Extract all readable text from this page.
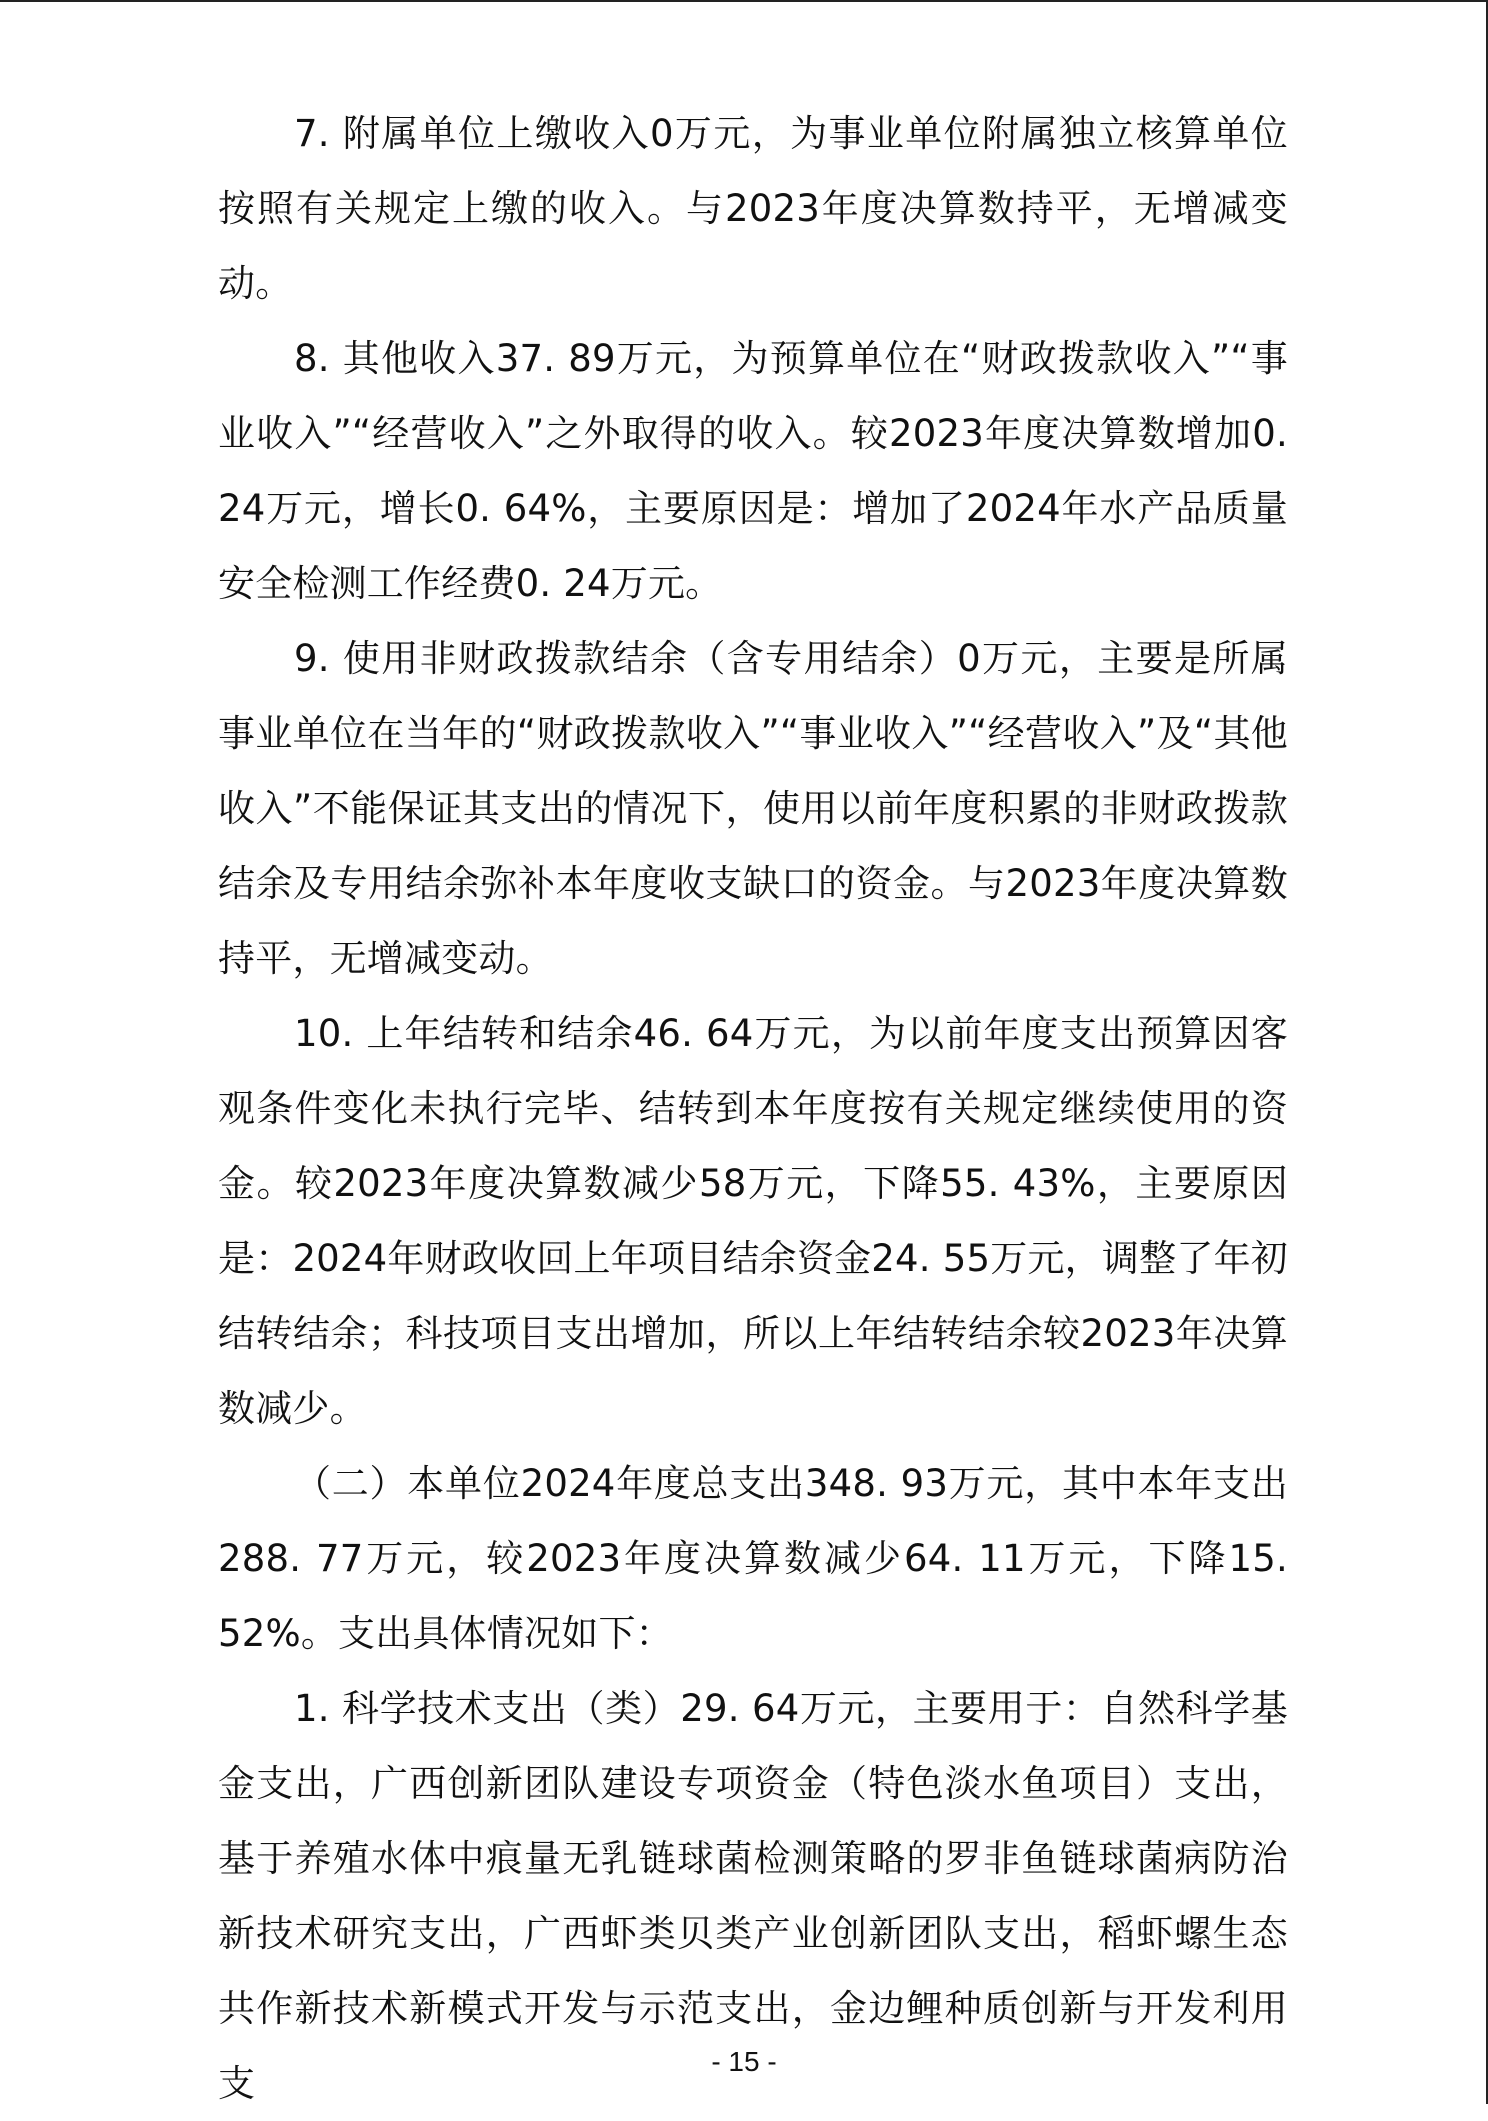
7. 附属单位上缴收入0万元，为事业单位附属独立核算单位按照有关规定上缴的收入。与2023年度决算数持平，无增减变动。

8. 其他收入37. 89万元，为预算单位在“财政拨款收入”“事业收入”“经营收入”之外取得的收入。较2023年度决算数增加0. 24万元，增长0. 64%，主要原因是：增加了2024年水产品质量安全检测工作经费0. 24万元。

9. 使用非财政拨款结余（含专用结余）0万元，主要是所属事业单位在当年的“财政拨款收入”“事业收入”“经营收入”及“其他收入”不能保证其支出的情况下，使用以前年度积累的非财政拨款结余及专用结余弥补本年度收支缺口的资金。与2023年度决算数持平，无增减变动。

10. 上年结转和结余46. 64万元，为以前年度支出预算因客观条件变化未执行完毕、结转到本年度按有关规定继续使用的资金。较2023年度决算数减少58万元，下降55. 43%，主要原因是：2024年财政收回上年项目结余资金24. 55万元，调整了年初结转结余；科技项目支出增加，所以上年结转结余较2023年决算数减少。

（二）本单位2024年度总支出348. 93万元，其中本年支出288. 77万元，较2023年度决算数减少64. 11万元，下降15. 52%。支出具体情况如下：

1. 科学技术支出（类）29. 64万元，主要用于：自然科学基金支出，广西创新团队建设专项资金（特色淡水鱼项目）支出，基于养殖水体中痕量无乳链球菌检测策略的罗非鱼链球菌病防治新技术研究支出，广西虾类贝类产业创新团队支出，稻虾螺生态共作新技术新模式开发与示范支出，金边鲤种质创新与开发利用支

- 15 -
